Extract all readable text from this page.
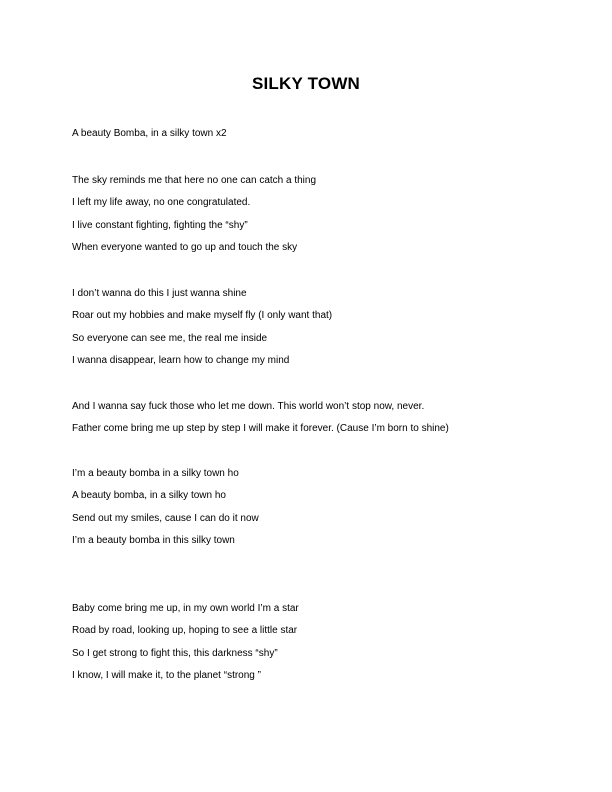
SILKY TOWN
A beauty Bomba, in a silky town x2
The sky reminds me that here no one can catch a thing
I left my life away, no one congratulated.
I live constant fighting, fighting the “shy”
When everyone wanted to go up and touch the sky
I don’t wanna do this I just wanna shine
Roar out my hobbies and make myself fly (I only want that)
So everyone can see me, the real me inside
I wanna disappear, learn how to change my mind
And I wanna say fuck those who let me down. This world won’t stop now, never.
Father come bring me up step by step I will make it forever. (Cause I’m born to shine)
I’m a beauty bomba in a silky town ho
A beauty bomba, in a silky town ho
Send out my smiles, cause I can do it now
I’m a beauty bomba in this silky town
Baby come bring me up, in my own world I’m a star
Road by road, looking up, hoping to see a little star
So I get strong to fight this, this darkness “shy”
I know, I will make it, to the planet “strong ”
